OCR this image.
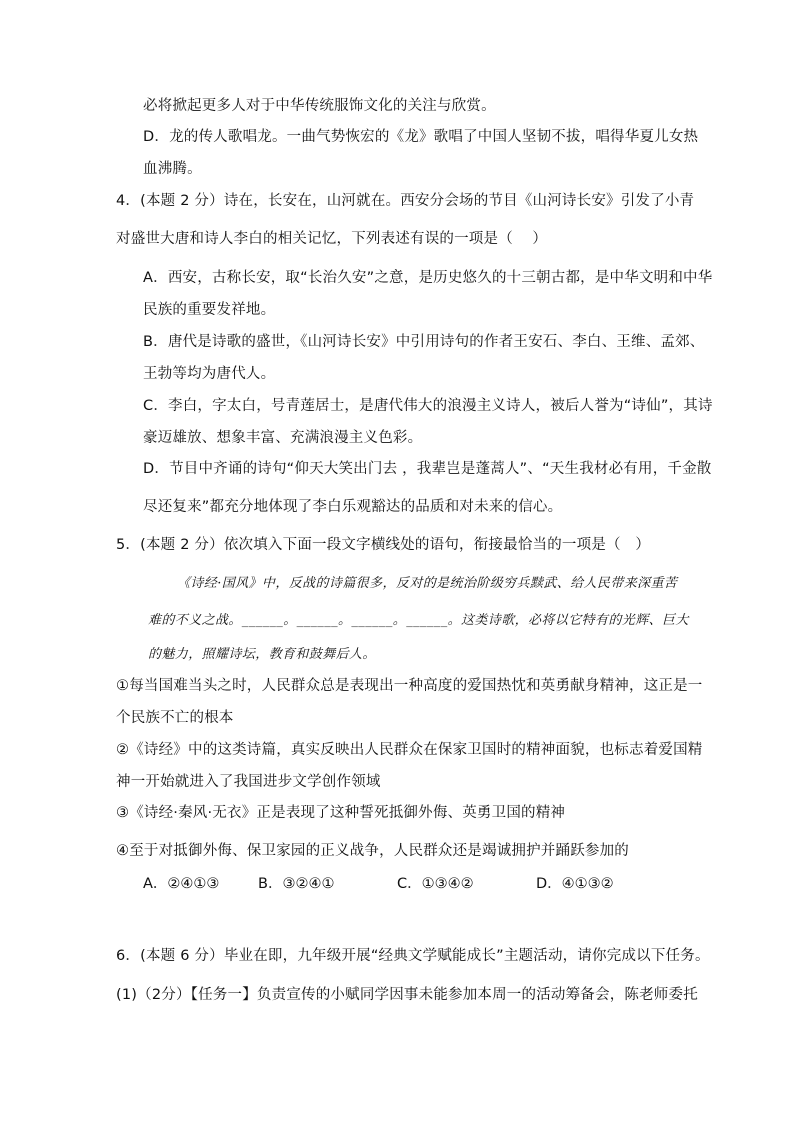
必将掀起更多人对于中华传统服饰文化的关注与欣赏。
D．龙的传人歌唱龙。一曲气势恢宏的《龙》歌唱了中国人坚韧不拔，唱得华夏儿女热
血沸腾。
4．(本题 2 分）诗在，长安在，山河就在。西安分会场的节目《山河诗长安》引发了小青
对盛世大唐和诗人李白的相关记忆，下列表述有误的一项是（　 ）
A．西安，古称长安，取“长治久安”之意，是历史悠久的十三朝古都，是中华文明和中华
民族的重要发祥地。
B．唐代是诗歌的盛世，《山河诗长安》中引用诗句的作者王安石、李白、王维、孟郊、
王勃等均为唐代人。
C．李白，字太白，号青莲居士，是唐代伟大的浪漫主义诗人，被后人誉为“诗仙”，其诗
豪迈雄放、想象丰富、充满浪漫主义色彩。
D．节目中齐诵的诗句“仰天大笑出门去 ，我辈岂是蓬蒿人”、“天生我材必有用，千金散
尽还复来”都充分地体现了李白乐观豁达的品质和对未来的信心。
5．(本题 2 分）依次填入下面一段文字横线处的语句，衔接最恰当的一项是（　）
《诗经·国风》中，反战的诗篇很多，反对的是统治阶级穷兵黩武、给人民带来深重苦
难的不义之战。______。______。______。______。这类诗歌，必将以它特有的光辉、巨大
的魅力，照耀诗坛，教育和鼓舞后人。
①每当国难当头之时，人民群众总是表现出一种高度的爱国热忱和英勇献身精神，这正是一
个民族不亡的根本
②《诗经》中的这类诗篇，真实反映出人民群众在保家卫国时的精神面貌，也标志着爱国精
神一开始就进入了我国进步文学创作领域
③《诗经·秦风·无衣》正是表现了这种誓死抵御外侮、英勇卫国的精神
④至于对抵御外侮、保卫家园的正义战争，人民群众还是竭诚拥护并踊跃参加的
A．②④①③	B．③②④①	C．①③④②	D．④①③②
6．(本题 6 分）毕业在即，九年级开展“经典文学赋能成长”主题活动，请你完成以下任务。
(1)（2分）【任务一】负责宣传的小赋同学因事未能参加本周一的活动筹备会，陈老师委托
